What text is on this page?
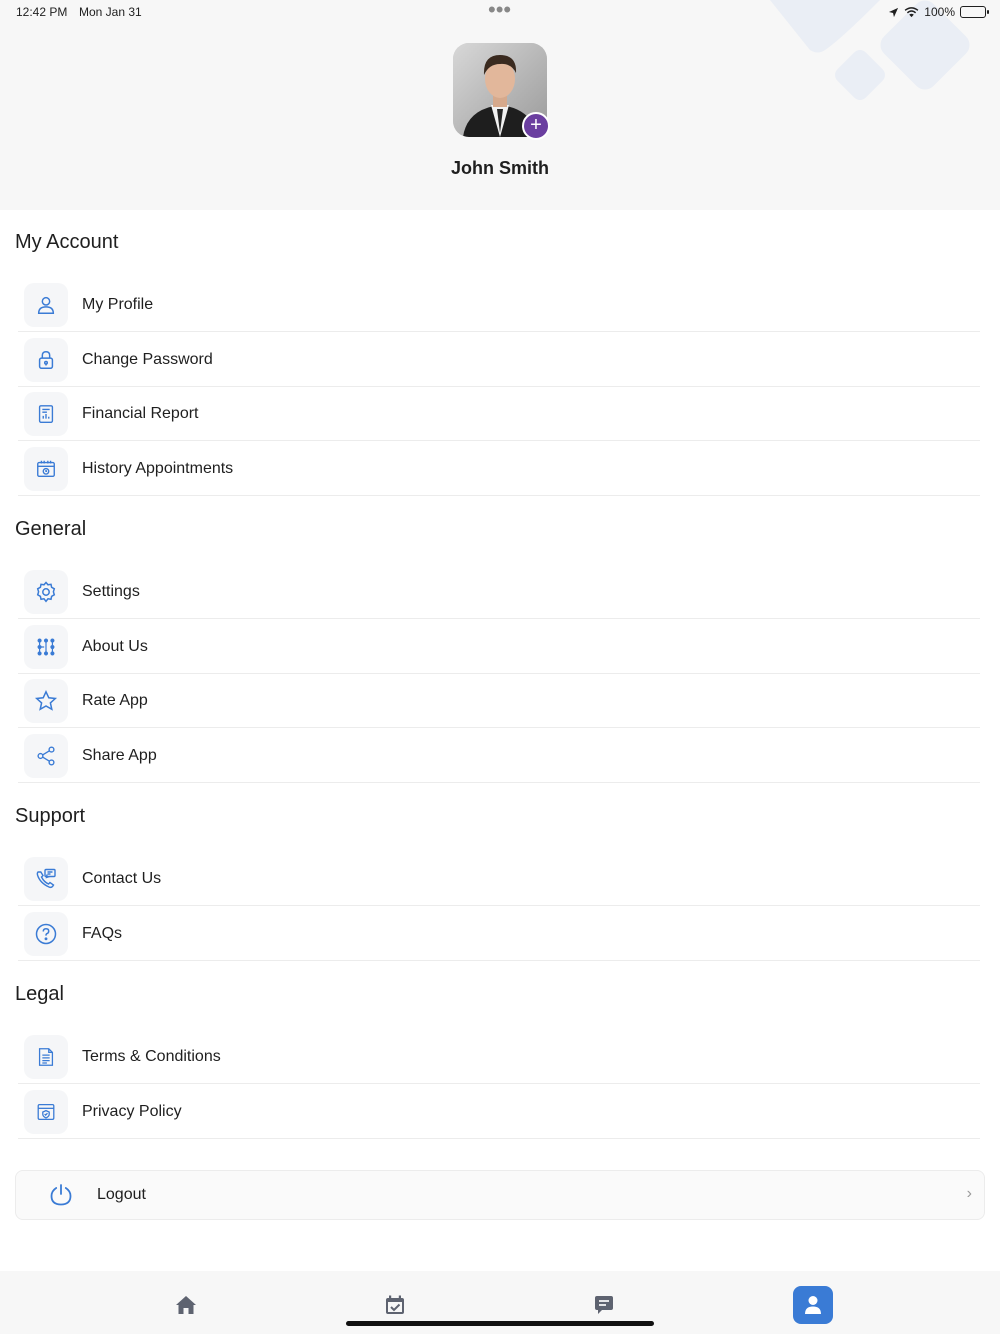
12:42 PM Mon Jan 31	•••	100%
+
John Smith
My Account
My Profile
Change Password
Financial Report
History Appointments
General
Settings
About Us
Rate App
Share App
Support
Contact Us
FAQs
Legal
Terms & Conditions
Privacy Policy
Logout	›
